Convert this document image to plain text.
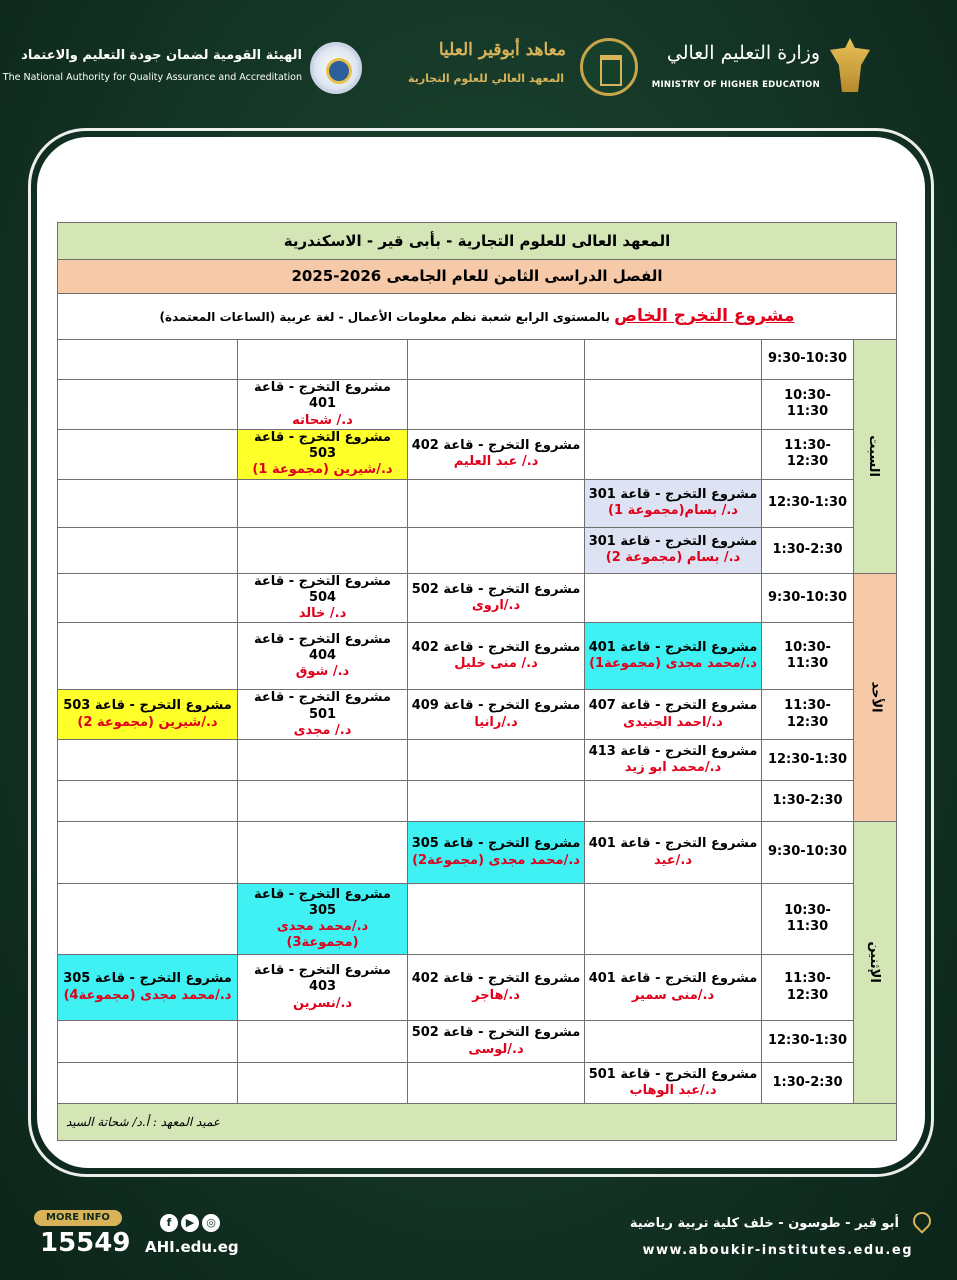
الهيئة القومية لضمان جودة التعليم والاعتماد
The National Authority for Quality Assurance and Accreditation
معاهد أبوقير العليا
المعهد العالي للعلوم التجارية
وزارة التعليم العالي
MINISTRY OF HIGHER EDUCATION
المعهد العالى للعلوم التجارية - بأبى قير - الاسكندرية					
الفصل الدراسى الثامن للعام الجامعى 2026-2025					
مشروع التخرج الخاص بالمستوى الرابع شعبة نظم معلومات الأعمال - لغة عربية (الساعات المعتمدة)					
السبت	9:30-10:30				
	10:30-11:30			مشروع التخرج - قاعة 401
د./ شحاته	

	11:30-12:30		مشروع التخرج - قاعة 402
د./ عبد العليم	مشروع التخرج - قاعة 503
د./شيرين (مجموعة 1)	

	12:30-1:30	مشروع التخرج - قاعة 301
د./ بسام(مجموعة 1)			

	1:30-2:30	مشروع التخرج - قاعة 301
د./ بسام (مجموعة 2)			

الأحد	9:30-10:30		مشروع التخرج - قاعة 502
د./اروى	مشروع التخرج - قاعة 504
د./ خالد	

	10:30-11:30	مشروع التخرج - قاعة 401
د./محمد مجدى (مجموعة1)	مشروع التخرج - قاعة 402
د./ منى خليل	مشروع التخرج - قاعة 404
د./ شوق	

	11:30-12:30	مشروع التخرج - قاعة 407
د./احمد الجنيدى	مشروع التخرج - قاعة 409
د./رانيا	مشروع التخرج - قاعة 501
د./ مجدى	مشروع التخرج - قاعة 503
د./شيرين (مجموعة 2)

	12:30-1:30	مشروع التخرج - قاعة 413
د./محمد ابو زيد			

	1:30-2:30				
الإثنين	9:30-10:30	مشروع التخرج - قاعة 401
د./عيد	مشروع التخرج - قاعة 305
د./محمد مجدى (مجموعة2)		

	10:30-11:30			مشروع التخرج - قاعة 305
د./محمد مجدى
(مجموعة3)	

	11:30-12:30	مشروع التخرج - قاعة 401
د./منى سمير	مشروع التخرج - قاعة 402
د./هاجر	مشروع التخرج - قاعة 403
د./نسرين	مشروع التخرج - قاعة 305
د./محمد مجدى (مجموعة4)

	12:30-1:30		مشروع التخرج - قاعة 502
د./لوسى		

	1:30-2:30	مشروع التخرج - قاعة 501
د./عبد الوهاب			

عميد المعهد : أ.د/ شحاتة السيد					
MORE INFO
15549
f ▶ ◎
AHI.edu.eg
أبو قير - طوسون - خلف كلية تربية رياضية
www.aboukir-institutes.edu.eg
